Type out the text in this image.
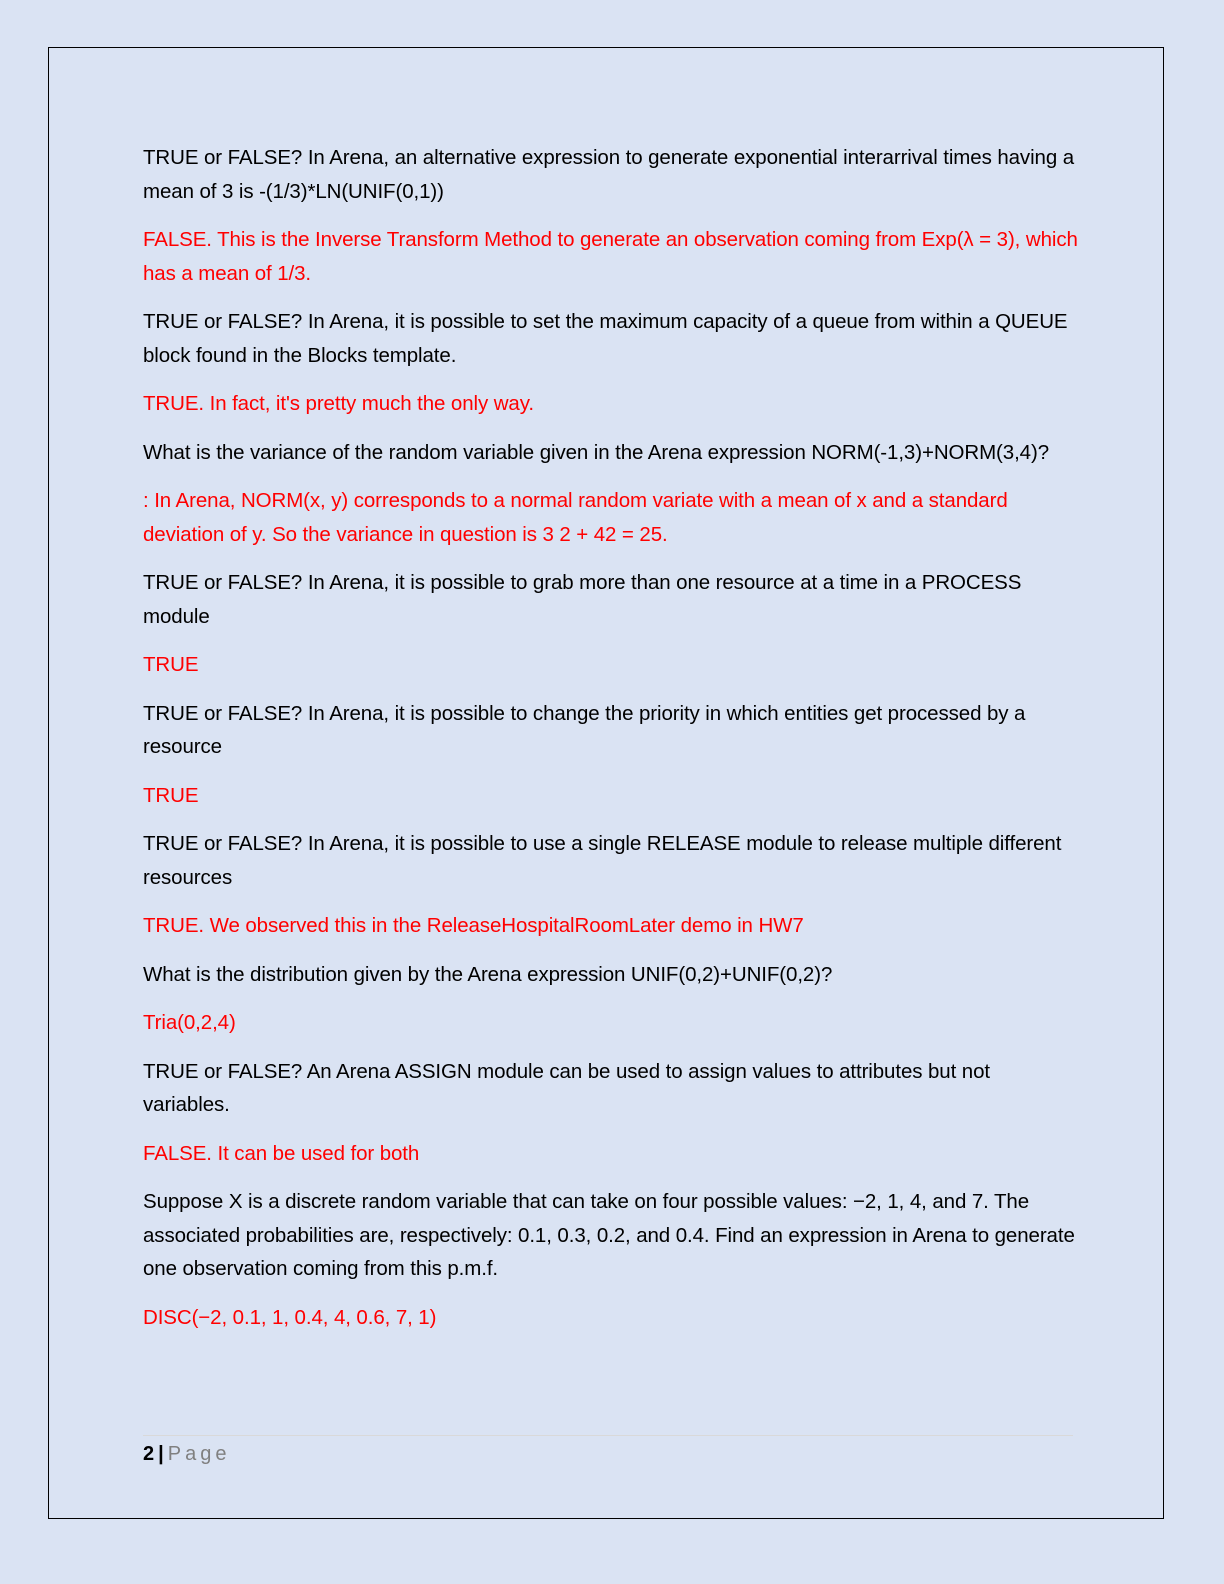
TRUE or FALSE? In Arena, an alternative expression to generate exponential interarrival times having a mean of 3 is -(1/3)*LN(UNIF(0,1))

FALSE. This is the Inverse Transform Method to generate an observation coming from Exp(λ = 3), which has a mean of 1/3.

TRUE or FALSE? In Arena, it is possible to set the maximum capacity of a queue from within a QUEUE block found in the Blocks template.

TRUE. In fact, it's pretty much the only way.

What is the variance of the random variable given in the Arena expression NORM(-1,3)+NORM(3,4)?

: In Arena, NORM(x, y) corresponds to a normal random variate with a mean of x and a standard deviation of y. So the variance in question is 3 2 + 42 = 25.

TRUE or FALSE? In Arena, it is possible to grab more than one resource at a time in a PROCESS module

TRUE

TRUE or FALSE? In Arena, it is possible to change the priority in which entities get processed by a resource

TRUE

TRUE or FALSE? In Arena, it is possible to use a single RELEASE module to release multiple different resources

TRUE. We observed this in the ReleaseHospitalRoomLater demo in HW7

What is the distribution given by the Arena expression UNIF(0,2)+UNIF(0,2)?

Tria(0,2,4)

TRUE or FALSE? An Arena ASSIGN module can be used to assign values to attributes but not variables.

FALSE. It can be used for both

Suppose X is a discrete random variable that can take on four possible values: −2, 1, 4, and 7. The associated probabilities are, respectively: 0.1, 0.3, 0.2, and 0.4. Find an expression in Arena to generate one observation coming from this p.m.f.

DISC(−2, 0.1, 1, 0.4, 4, 0.6, 7, 1)

2 | Page
